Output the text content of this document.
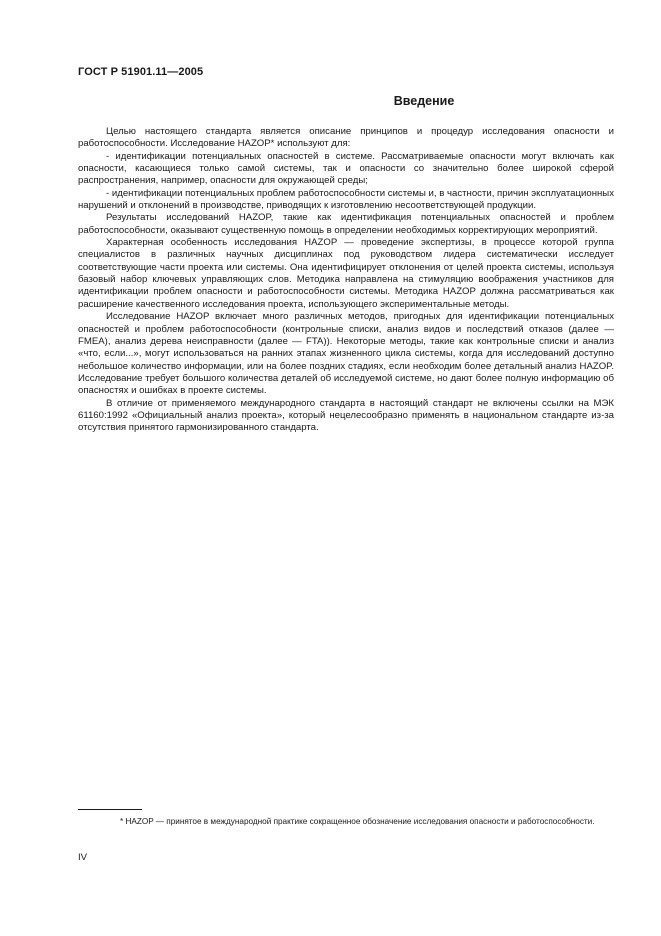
ГОСТ Р 51901.11—2005
Введение

Целью настоящего стандарта является описание принципов и процедур исследования опасности и работоспособности. Исследование HAZOP* используют для:

- идентификации потенциальных опасностей в системе. Рассматриваемые опасности могут включать как опасности, касающиеся только самой системы, так и опасности со значительно более широкой сферой распространения, например, опасности для окружающей среды;

- идентификации потенциальных проблем работоспособности системы и, в частности, причин эксплуатационных нарушений и отклонений в производстве, приводящих к изготовлению несоответствующей продукции.

Результаты исследований HAZOP, такие как идентификация потенциальных опасностей и проблем работоспособности, оказывают существенную помощь в определении необходимых корректирующих мероприятий.

Характерная особенность исследования HAZOP — проведение экспертизы, в процессе которой группа специалистов в различных научных дисциплинах под руководством лидера систематически исследует соответствующие части проекта или системы. Она идентифицирует отклонения от целей проекта системы, используя базовый набор ключевых управляющих слов. Методика направлена на стимуляцию воображения участников для идентификации проблем опасности и работоспособности системы. Методика HAZOP должна рассматриваться как расширение качественного исследования проекта, использующего экспериментальные методы.

Исследование HAZOP включает много различных методов, пригодных для идентификации потенциальных опасностей и проблем работоспособности (контрольные списки, анализ видов и последствий отказов (далее — FMEA), анализ дерева неисправности (далее — FTA)). Некоторые методы, такие как контрольные списки и анализ «что, если...», могут использоваться на ранних этапах жизненного цикла системы, когда для исследований доступно небольшое количество информации, или на более поздних стадиях, если необходим более детальный анализ HAZOP. Исследование требует большого количества деталей об исследуемой системе, но дают более полную информацию об опасностях и ошибках в проекте системы.

В отличие от применяемого международного стандарта в настоящий стандарт не включены ссылки на МЭК 61160:1992 «Официальный анализ проекта», который нецелесообразно применять в национальном стандарте из-за отсутствия принятого гармонизированного стандарта.

* HAZOP — принятое в международной практике сокращенное обозначение исследования опасности и работоспособности.
IV
